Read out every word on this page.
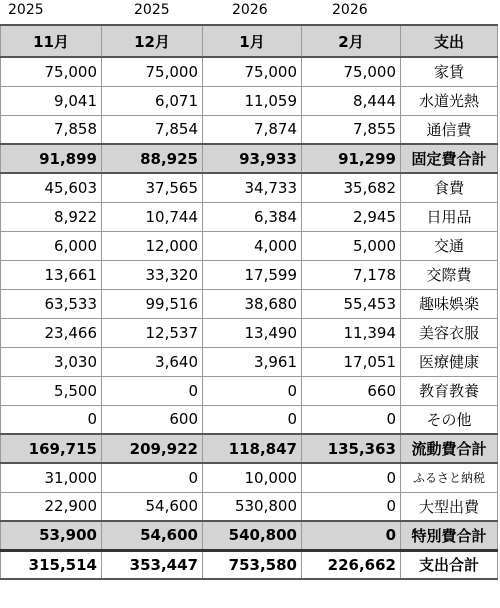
2025	2025	2026	2026
11月	12月	1月	2月	支出
75,000	75,000	75,000	75,000	家賃
9,041	6,071	11,059	8,444	水道光熱
7,858	7,854	7,874	7,855	通信費
91,899	88,925	93,933	91,299	固定費合計
45,603	37,565	34,733	35,682	食費
8,922	10,744	6,384	2,945	日用品
6,000	12,000	4,000	5,000	交通
13,661	33,320	17,599	7,178	交際費
63,533	99,516	38,680	55,453	趣味娯楽
23,466	12,537	13,490	11,394	美容衣服
3,030	3,640	3,961	17,051	医療健康
5,500	0	0	660	教育教養
0	600	0	0	その他
169,715	209,922	118,847	135,363	流動費合計
31,000	0	10,000	0	ふるさと納税
22,900	54,600	530,800	0	大型出費
53,900	54,600	540,800	0	特別費合計
315,514	353,447	753,580	226,662	支出合計
